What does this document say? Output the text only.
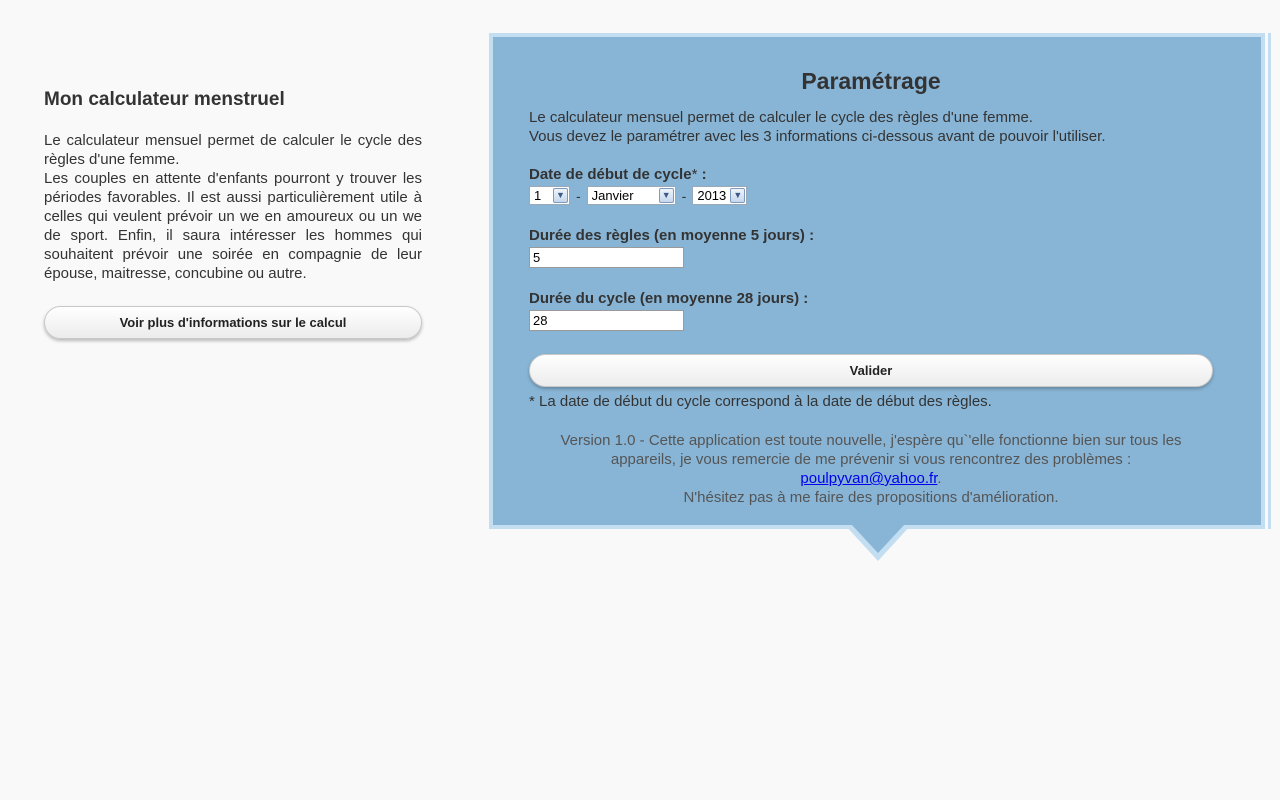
Mon calculateur menstruel

Le calculateur mensuel permet de calculer le cycle des règles d'une femme.
Les couples en attente d'enfants pourront y trouver les périodes favorables. Il est aussi particulièrement utile à celles qui veulent prévoir un we en amoureux ou un we de sport. Enfin, il saura intéresser les hommes qui souhaitent prévoir une soirée en compagnie de leur épouse, maitresse, concubine ou autre.

Voir plus d'informations sur le calcul
Paramétrage
Le calculateur mensuel permet de calculer le cycle des règles d'une femme.
Vous devez le paramétrer avec les 3 informations ci-dessous avant de pouvoir l'utiliser.
Date de début de cycle* :
1	▼ - Janvier	▼ - 2013 ▼
Durée des règles (en moyenne 5 jours) :
5
Durée du cycle (en moyenne 28 jours) :
28
Valider
* La date de début du cycle correspond à la date de début des règles.
Version 1.0 - Cette application est toute nouvelle, j'espère qu`'elle fonctionne bien sur tous les appareils, je vous remercie de me prévenir si vous rencontrez des problèmes :
poulpyvan@yahoo.fr.
N'hésitez pas à me faire des propositions d'amélioration.
